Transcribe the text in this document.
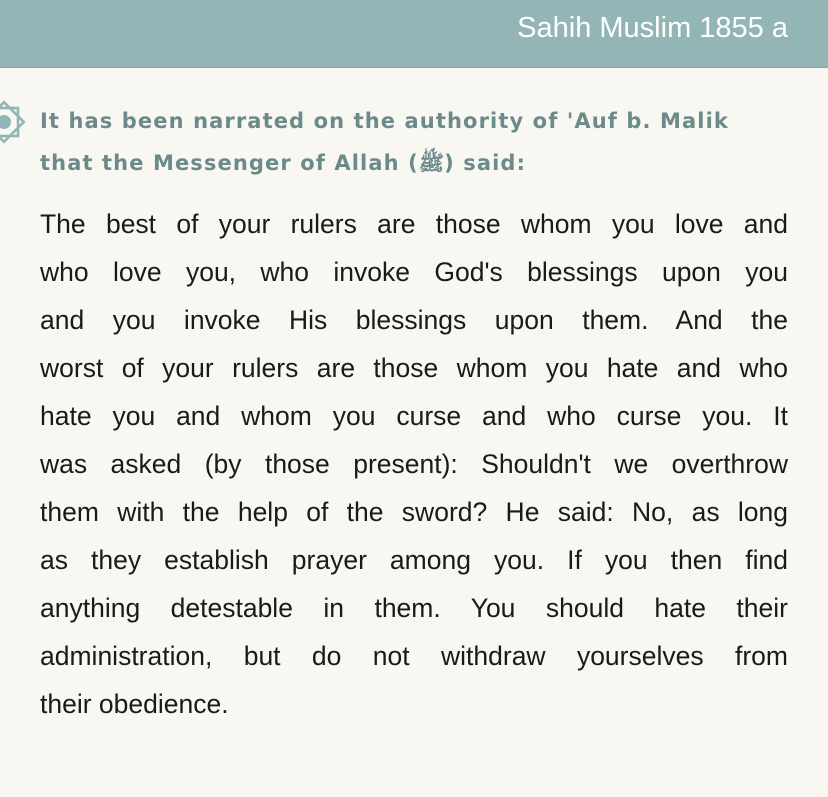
Sahih Muslim 1855 a
It has been narrated on the authority of 'Auf b. Malik
that the Messenger of Allah (ﷺ) said:
The best of your rulers are those whom you love and
who love you, who invoke God's blessings upon you
and you invoke His blessings upon them. And the
worst of your rulers are those whom you hate and who
hate you and whom you curse and who curse you. It
was asked (by those present): Shouldn't we overthrow
them with the help of the sword? He said: No, as long
as they establish prayer among you. If you then find
anything detestable in them. You should hate their
administration, but do not withdraw yourselves from
their obedience.
